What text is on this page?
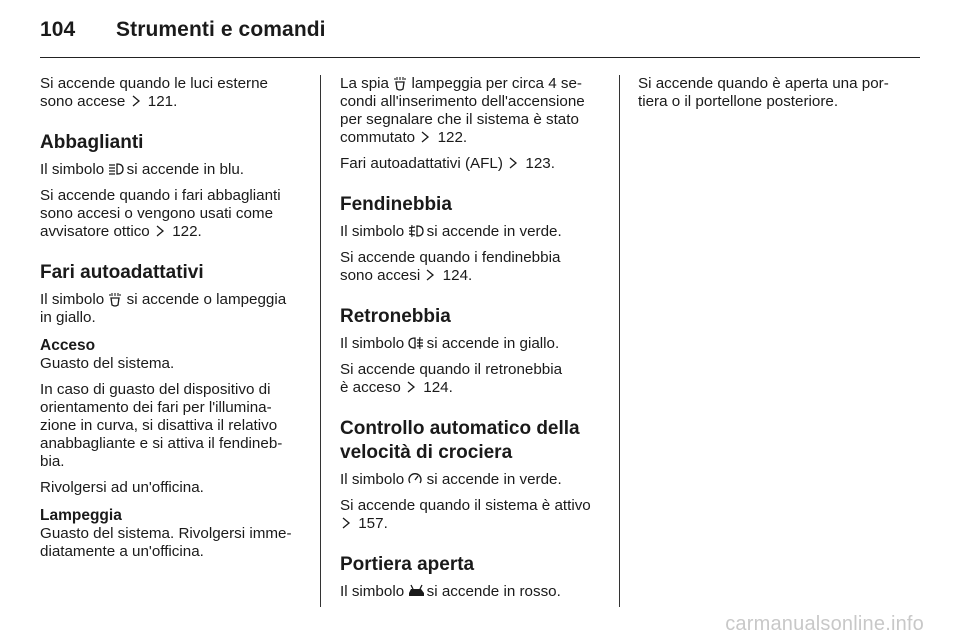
104 Strumenti e comandi

Si accende quando le luci esterne
sono accese 121.

Abbaglianti

Il simbolo si accende in blu.

Si accende quando i fari abbaglianti
sono accesi o vengono usati come
avvisatore ottico 122.

Fari autoadattativi

Il simbolo si accende o lampeggia
in giallo.

Acceso

Guasto del sistema.

In caso di guasto del dispositivo di
orientamento dei fari per l'illumina-
zione in curva, si disattiva il relativo
anabbagliante e si attiva il fendineb-
bia.

Rivolgersi ad un'officina.

Lampeggia

Guasto del sistema. Rivolgersi imme-
diatamente a un'officina.

La spia lampeggia per circa 4 se-
condi all'inserimento dell'accensione
per segnalare che il sistema è stato
commutato 122.

Fari autoadattativi (AFL) 123.

Fendinebbia

Il simbolo si accende in verde.

Si accende quando i fendinebbia
sono accesi 124.

Retronebbia

Il simbolo si accende in giallo.

Si accende quando il retronebbia
è acceso 124.

Controllo automatico della
velocità di crociera

Il simbolo si accende in verde.

Si accende quando il sistema è attivo

157.

Portiera aperta

Il simbolo si accende in rosso.

Si accende quando è aperta una por-
tiera o il portellone posteriore.

carmanualsonline.info
